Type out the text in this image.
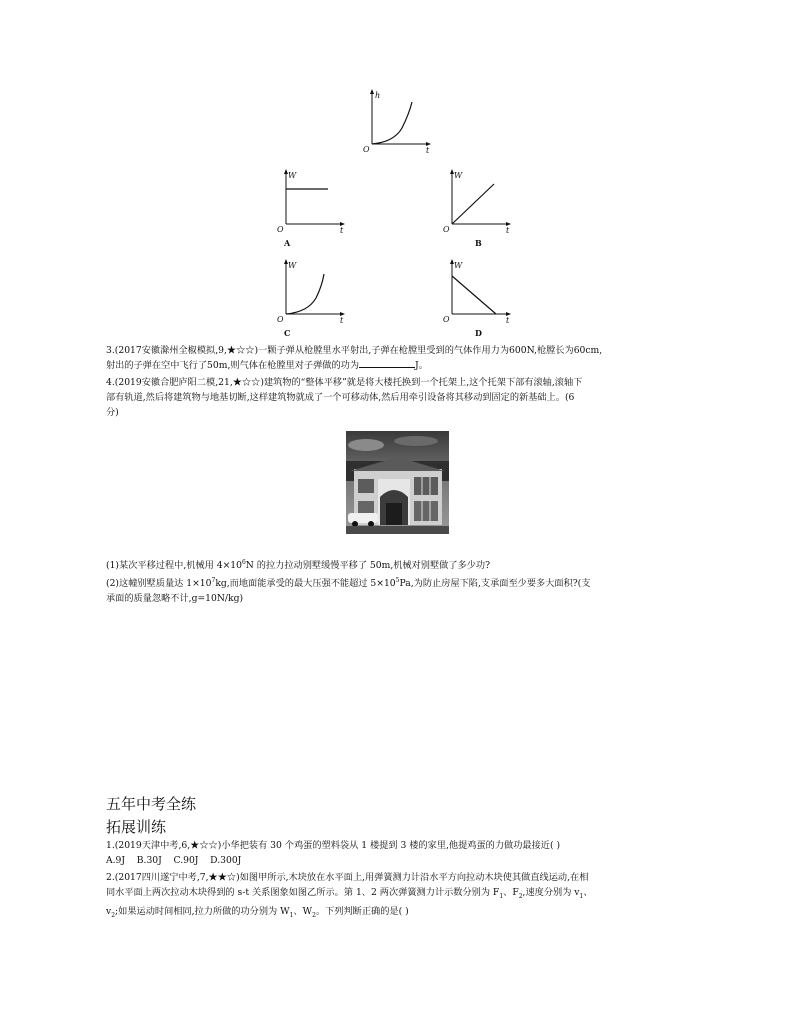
h
O	t
W
O	t
A
W
O	t
B
W
O	t
C
W
O	t
D
3.(2017安徽滁州全椒模拟,9,★☆☆)一颗子弹从枪膛里水平射出,子弹在枪膛里受到的气体作用力为600N,枪膛长为60cm,
射出的子弹在空中飞行了50m,则气体在枪膛里对子弹做的功为	J。
4.(2019安徽合肥庐阳二模,21,★☆☆)建筑物的“整体平移”就是将大楼托换到一个托架上,这个托架下部有滚轴,滚轴下
部有轨道,然后将建筑物与地基切断,这样建筑物就成了一个可移动体,然后用牵引设备将其移动到固定的新基础上。(6
分)
(1)某次平移过程中,机械用 $4\times 10^6N$ 的拉力拉动别墅缓慢平移了 50m,机械对别墅做了多少功?
(2)这幢别墅质量达 $1\times 10^7kg$,而地面能承受的最大压强不能超过 $5\times 10^5Pa$,为防止房屋下陷,支承面至少要多大面积?(支
承面的质量忽略不计,g=10N/kg)
五年中考全练
拓展训练
1.(2019天津中考,6,★☆☆)小华把装有 30 个鸡蛋的塑料袋从 1 楼提到 3 楼的家里,他提鸡蛋的力做功最接近( )
A.9J    B.30J    C.90J    D.300J
2.(2017四川遂宁中考,7,★★☆)如图甲所示,木块放在水平面上,用弹簧测力计沿水平方向拉动木块使其做直线运动,在相
同水平面上两次拉动木块得到的 s-t 关系图象如图乙所示。第 1、2 两次弹簧测力计示数分别为 $F_1$、$F_2$,速度分别为 $v_1$、
$v_2$;如果运动时间相同,拉力所做的功分别为 $W_1$、$W_2$。下列判断正确的是( )
